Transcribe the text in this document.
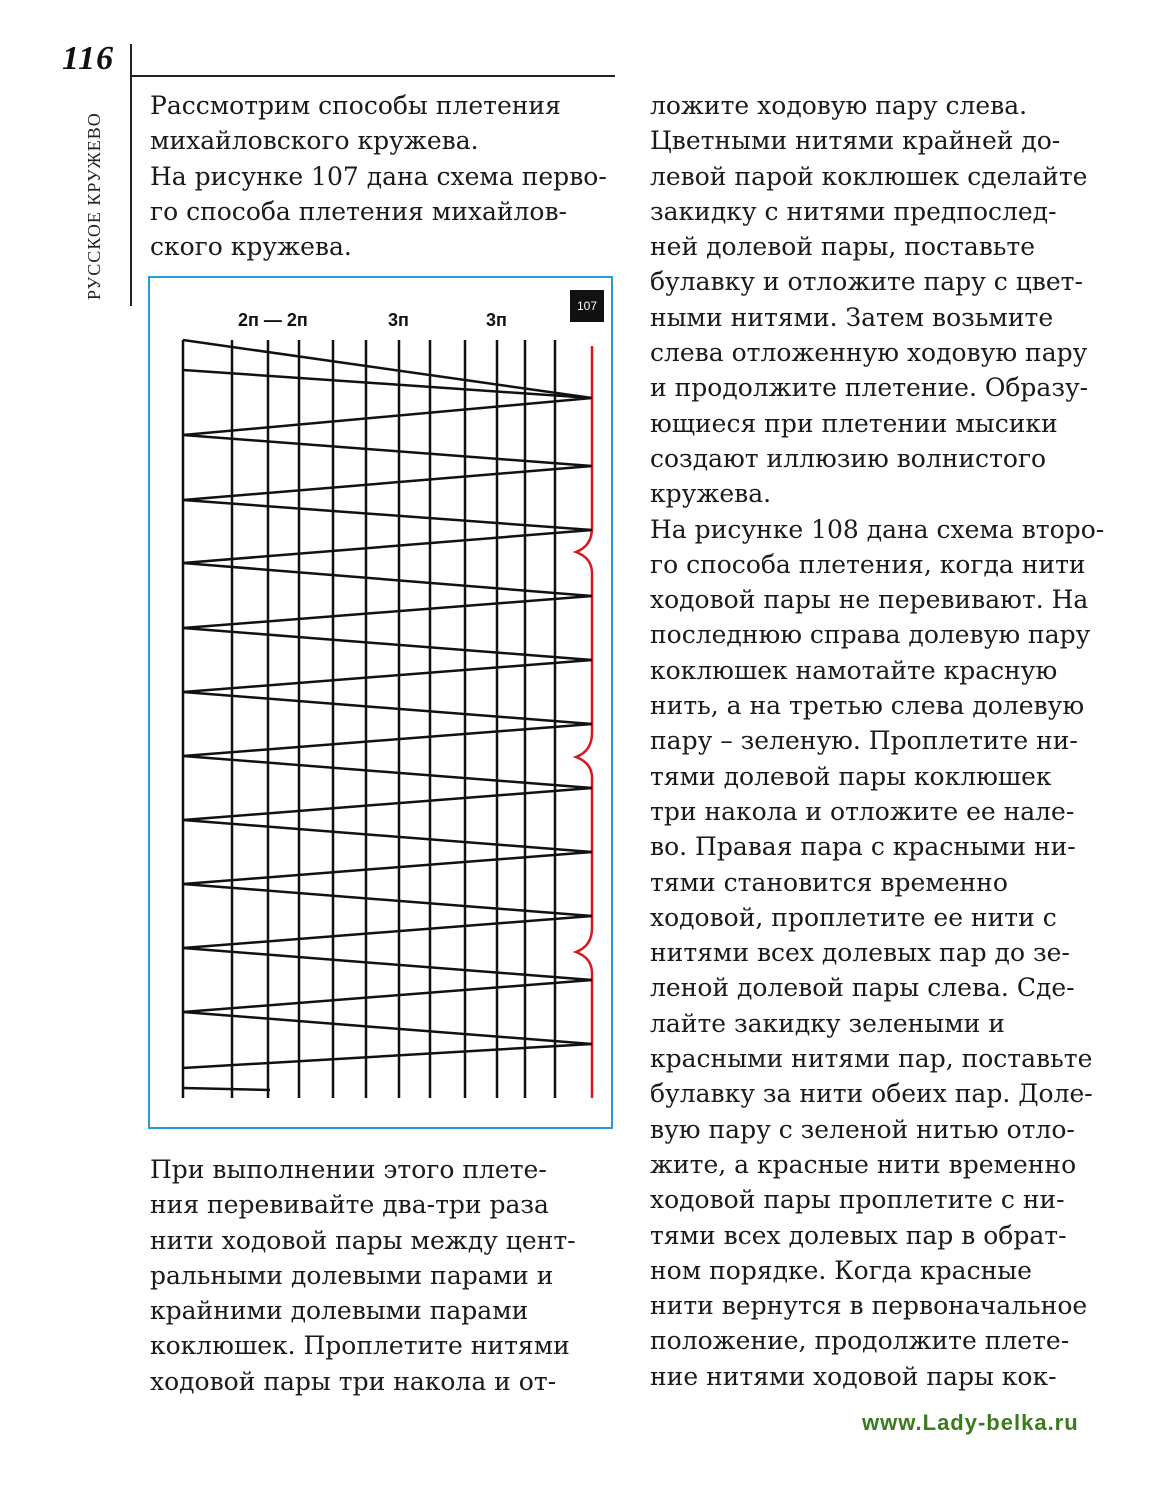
116
РУССКОЕ КРУЖЕВО
Рассмотрим способы плетения
михайловского кружева.
На рисунке 107 дана схема перво-
го способа плетения михайлов-
ского кружева.
2п — 2п	3п	3п
107
При выполнении этого плете-
ния перевивайте два-три раза
нити ходовой пары между цент-
ральными долевыми парами и
крайними долевыми парами
коклюшек. Проплетите нитями
ходовой пары три накола и от-
ложите ходовую пару слева.
Цветными нитями крайней до-
левой парой коклюшек сделайте
закидку с нитями предпослед-
ней долевой пары, поставьте
булавку и отложите пару с цвет-
ными нитями. Затем возьмите
слева отложенную ходовую пару
и продолжите плетение. Образу-
ющиеся при плетении мысики
создают иллюзию волнистого
кружева.
На рисунке 108 дана схема второ-
го способа плетения, когда нити
ходовой пары не перевивают. На
последнюю справа долевую пару
коклюшек намотайте красную
нить, а на третью слева долевую
пару – зеленую. Проплетите ни-
тями долевой пары коклюшек
три накола и отложите ее нале-
во. Правая пара с красными ни-
тями становится временно
ходовой, проплетите ее нити с
нитями всех долевых пар до зе-
леной долевой пары слева. Сде-
лайте закидку зелеными и
красными нитями пар, поставьте
булавку за нити обеих пар. Доле-
вую пару с зеленой нитью отло-
жите, а красные нити временно
ходовой пары проплетите с ни-
тями всех долевых пар в обрат-
ном порядке. Когда красные
нити вернутся в первоначальное
положение, продолжите плете-
ние нитями ходовой пары кок-
www.Lady-belka.ru
